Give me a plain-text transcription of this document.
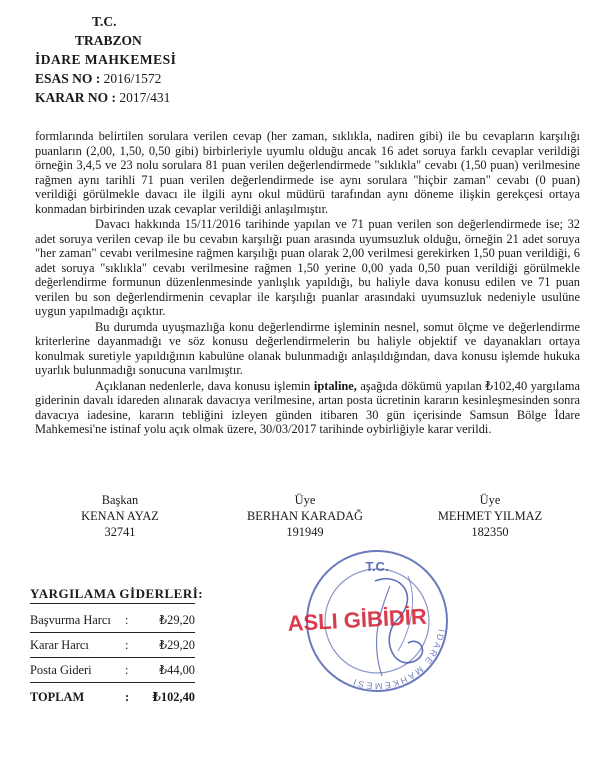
T.C.
TRABZON
İDARE MAHKEMESİ
ESAS NO : 2016/1572
KARAR NO : 2017/431

formlarında belirtilen sorulara verilen cevap (her zaman, sıklıkla, nadiren gibi) ile bu cevapların karşılığı puanların (2,00, 1,50, 0,50 gibi) birbirleriyle uyumlu olduğu ancak 16 adet soruya farklı cevaplar verildiği örneğin 3,4,5 ve 23 nolu sorulara 81 puan verilen değerlendirmede "sıklıkla" cevabı (1,50 puan) verilmesine rağmen aynı tarihli 71 puan verilen değerlendirmede ise aynı sorulara "hiçbir zaman" cevabı (0 puan) verildiği görülmekle davacı ile ilgili aynı okul müdürü tarafından aynı döneme ilişkin gerekçesi ortaya konmadan birbirinden uzak cevaplar verildiği anlaşılmıştır.

Davacı hakkında 15/11/2016 tarihinde yapılan ve 71 puan verilen son değerlendirmede ise; 32 adet soruya verilen cevap ile bu cevabın karşılığı puan arasında uyumsuzluk olduğu, örneğin 21 adet soruya "her zaman" cevabı verilmesine rağmen karşılığı puan olarak 2,00 verilmesi gerekirken 1,50 puan verildiği, 6 adet soruya "sıklıkla" cevabı verilmesine rağmen 1,50 yerine 0,00 yada 0,50 puan verildiği görülmekle değerlendirme formunun düzenlenmesinde yanlışlık yapıldığı, bu haliyle dava konusu edilen ve 71 puan verilen bu son değerlendirmenin cevaplar ile karşılığı puanlar arasındaki uyumsuzluk nedeniyle usulüne uygun yapılmadığı açıktır.

Bu durumda uyuşmazlığa konu değerlendirme işleminin nesnel, somut ölçme ve değerlendirme kriterlerine dayanmadığı ve söz konusu değerlendirmelerin bu haliyle objektif ve dayanakları ortaya konulmak suretiyle yapıldığının kabulüne olanak bulunmadığı anlaşıldığından, dava konusu işlemde hukuka uyarlık bulunmadığı sonucuna varılmıştır.

Açıklanan nedenlerle, dava konusu işlemin iptaline, aşağıda dökümü yapılan ₺102,40 yargılama giderinin davalı idareden alınarak davacıya verilmesine, artan posta ücretinin kararın kesinleşmesinden sonra davacıya iadesine, kararın tebliğini izleyen günden itibaren 30 gün içerisinde Samsun Bölge İdare Mahkemesi'ne istinaf yolu açık olmak üzere, 30/03/2017 tarihinde oybirliğiyle karar verildi.

Başkan
KENAN AYAZ
32741
Üye
BERHAN KARADAĞ
191949
Üye
MEHMET YILMAZ
182350
T.C.
İDARE MAHKEMESİ
ASLI GİBİDİR
YARGILAMA GİDERLERİ:
Başvurma Harcı	:	₺29,20
Karar Harcı	:	₺29,20
Posta Gideri	:	₺44,00
TOPLAM	:	₺102,40
